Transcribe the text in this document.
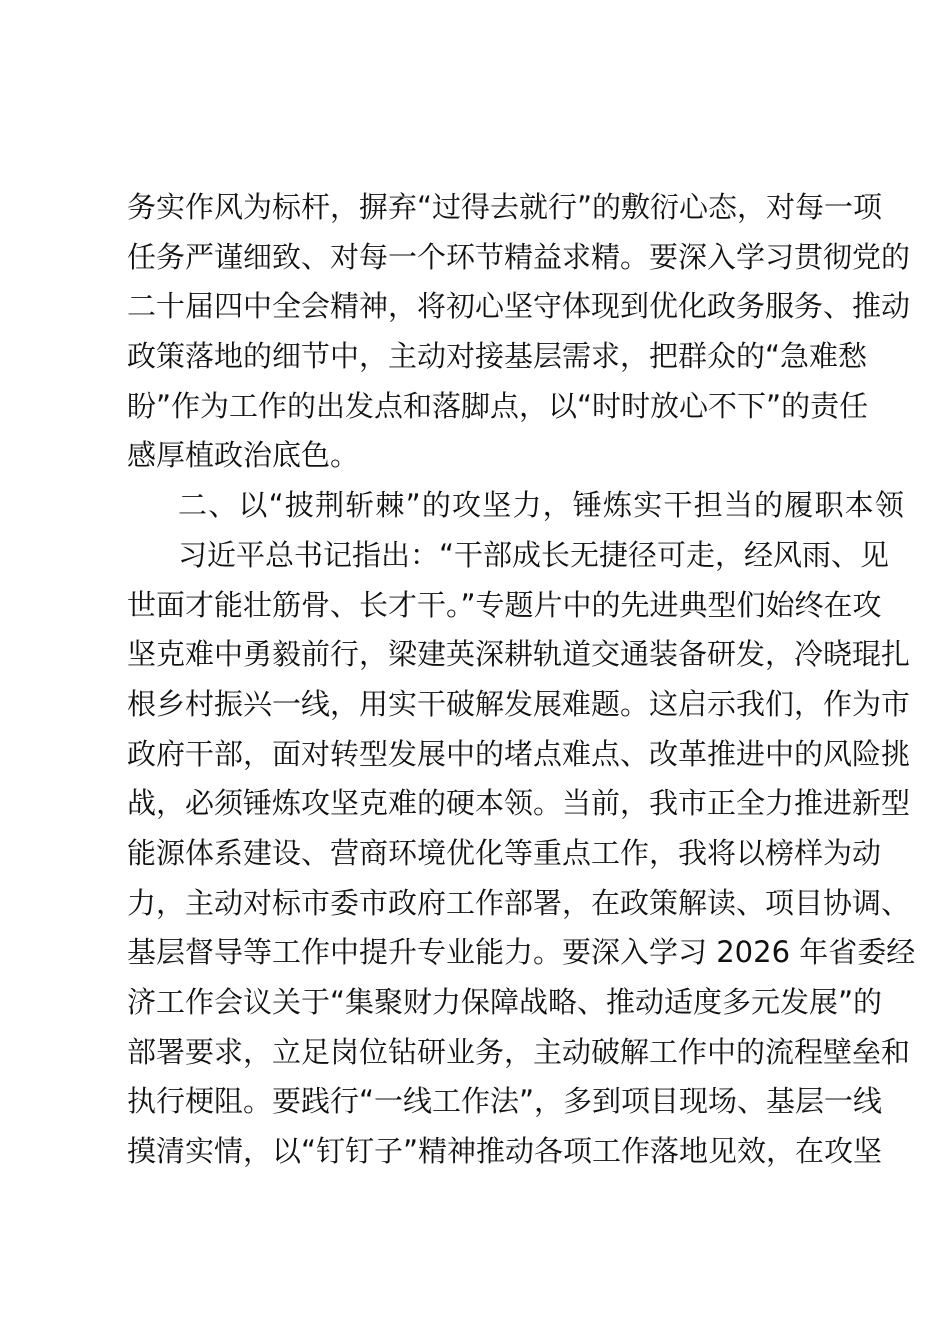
务实作风为标杆，摒弃“过得去就行”的敷衍心态，对每一项
任务严谨细致、对每一个环节精益求精。要深入学习贯彻党的
二十届四中全会精神，将初心坚守体现到优化政务服务、推动
政策落地的细节中，主动对接基层需求，把群众的“急难愁
盼”作为工作的出发点和落脚点，以“时时放心不下”的责任
感厚植政治底色。
二、以“披荆斩棘”的攻坚力，锤炼实干担当的履职本领
习近平总书记指出：“干部成长无捷径可走，经风雨、见
世面才能壮筋骨、长才干。”专题片中的先进典型们始终在攻
坚克难中勇毅前行，梁建英深耕轨道交通装备研发，冷晓琨扎
根乡村振兴一线，用实干破解发展难题。这启示我们，作为市
政府干部，面对转型发展中的堵点难点、改革推进中的风险挑
战，必须锤炼攻坚克难的硬本领。当前，我市正全力推进新型
能源体系建设、营商环境优化等重点工作，我将以榜样为动
力，主动对标市委市政府工作部署，在政策解读、项目协调、
基层督导等工作中提升专业能力。要深入学习 2026 年省委经
济工作会议关于“集聚财力保障战略、推动适度多元发展”的
部署要求，立足岗位钻研业务，主动破解工作中的流程壁垒和
执行梗阻。要践行“一线工作法”，多到项目现场、基层一线
摸清实情，以“钉钉子”精神推动各项工作落地见效，在攻坚
